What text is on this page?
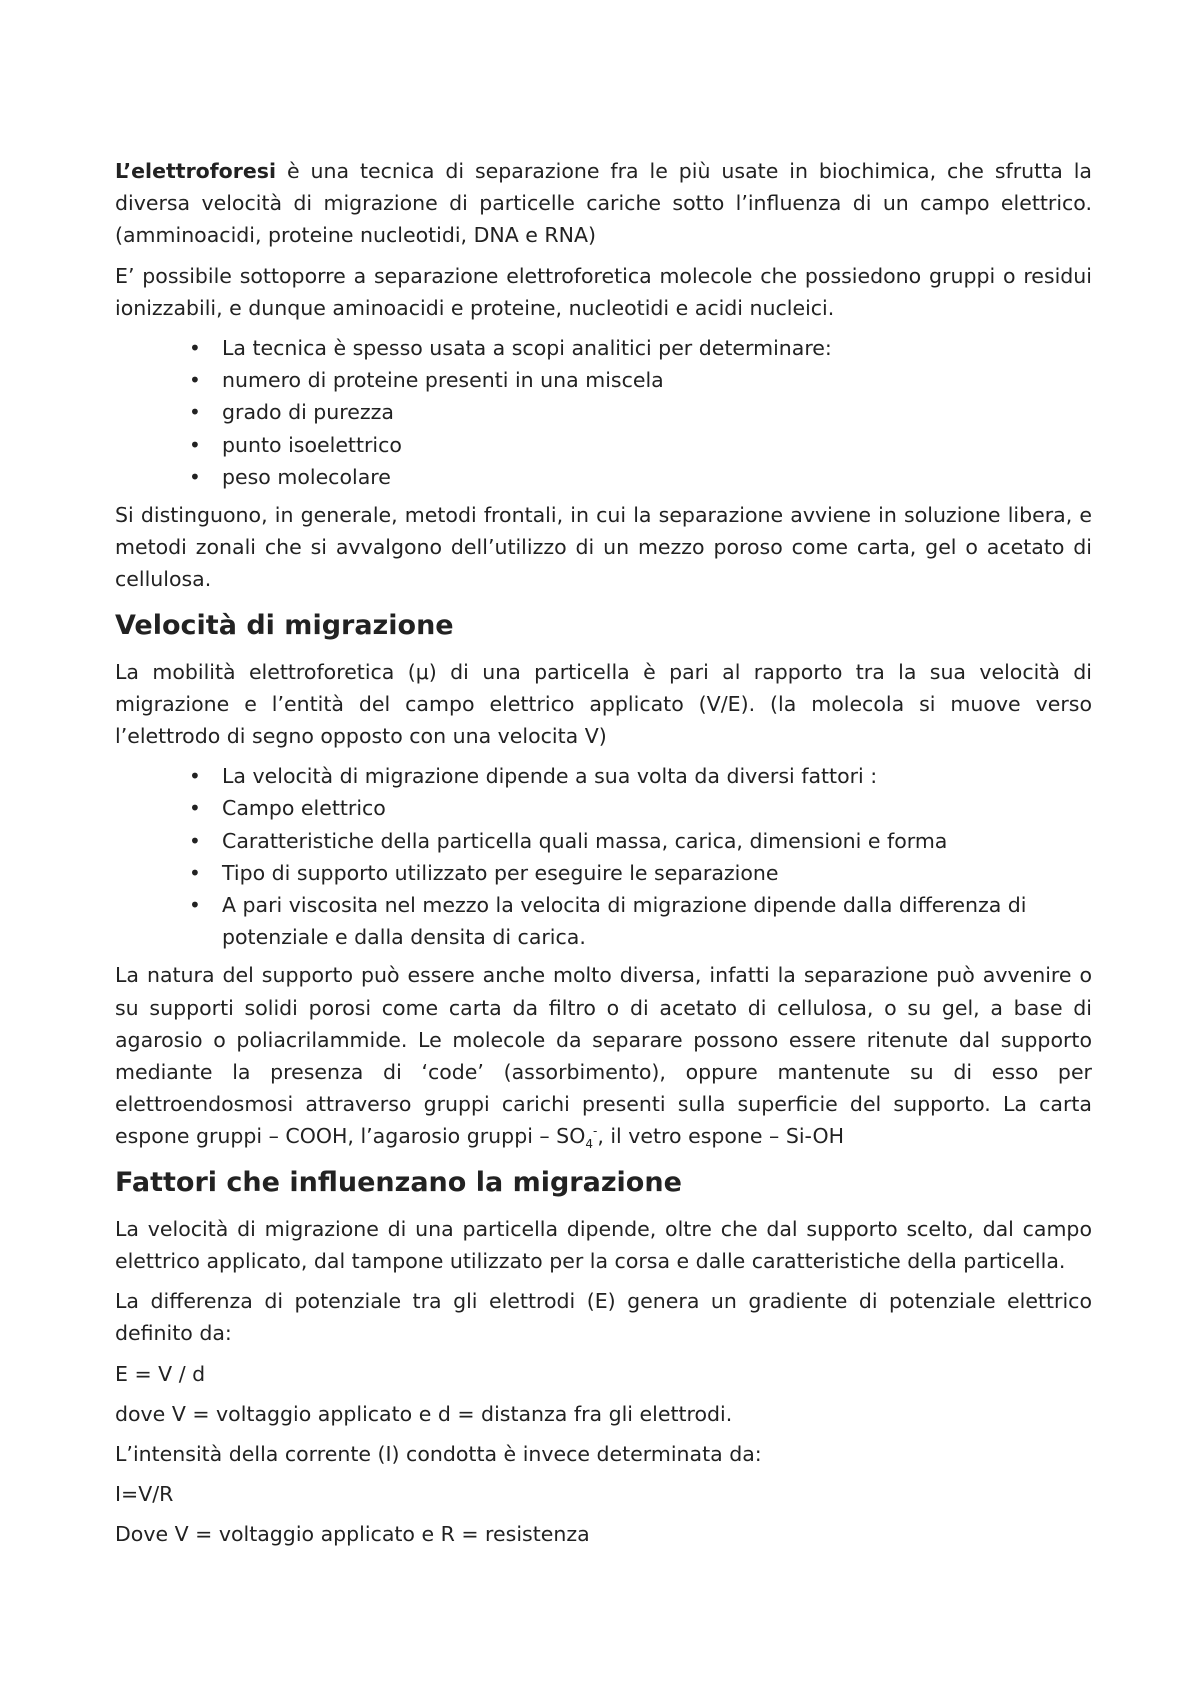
L’elettroforesi è una tecnica di separazione fra le più usate in biochimica, che sfrutta la diversa velocità di migrazione di particelle cariche sotto l’influenza di un campo elettrico. (amminoacidi, proteine nucleotidi, DNA e RNA)

E’ possibile sottoporre a separazione elettroforetica molecole che possiedono gruppi o residui ionizzabili, e dunque aminoacidi e proteine, nucleotidi e acidi nucleici.

• La tecnica è spesso usata a scopi analitici per determinare:
• numero di proteine presenti in una miscela
• grado di purezza
• punto isoelettrico
• peso molecolare

Si distinguono, in generale, metodi frontali, in cui la separazione avviene in soluzione libera, e metodi zonali che si avvalgono dell’utilizzo di un mezzo poroso come carta, gel o acetato di cellulosa.

Velocità di migrazione

La mobilità elettroforetica (μ) di una particella è pari al rapporto tra la sua velocità di migrazione e l’entità del campo elettrico applicato (V/E). (la molecola si muove verso l’elettrodo di segno opposto con una velocita V)

• La velocità di migrazione dipende a sua volta da diversi fattori :
• Campo elettrico
• Caratteristiche della particella quali massa, carica, dimensioni e forma
• Tipo di supporto utilizzato per eseguire le separazione
• A pari viscosita nel mezzo la velocita di migrazione dipende dalla differenza di potenziale e dalla densita di carica.

La natura del supporto può essere anche molto diversa, infatti la separazione può avvenire o su supporti solidi porosi come carta da filtro o di acetato di cellulosa, o su gel, a base di agarosio o poliacrilammide. Le molecole da separare possono essere ritenute dal supporto mediante la presenza di ‘code’ (assorbimento), oppure mantenute su di esso per elettroendosmosi attraverso gruppi carichi presenti sulla superficie del supporto. La carta espone gruppi – COOH, l’agarosio gruppi – $SO_4^-$, il vetro espone – Si-OH

Fattori che influenzano la migrazione

La velocità di migrazione di una particella dipende, oltre che dal supporto scelto, dal campo elettrico applicato, dal tampone utilizzato per la corsa e dalle caratteristiche della particella.

La differenza di potenziale tra gli elettrodi (E) genera un gradiente di potenziale elettrico definito da:

E = V / d

dove V = voltaggio applicato e d = distanza fra gli elettrodi.

L’intensità della corrente (I) condotta è invece determinata da:

I=V/R

Dove V = voltaggio applicato e R = resistenza
